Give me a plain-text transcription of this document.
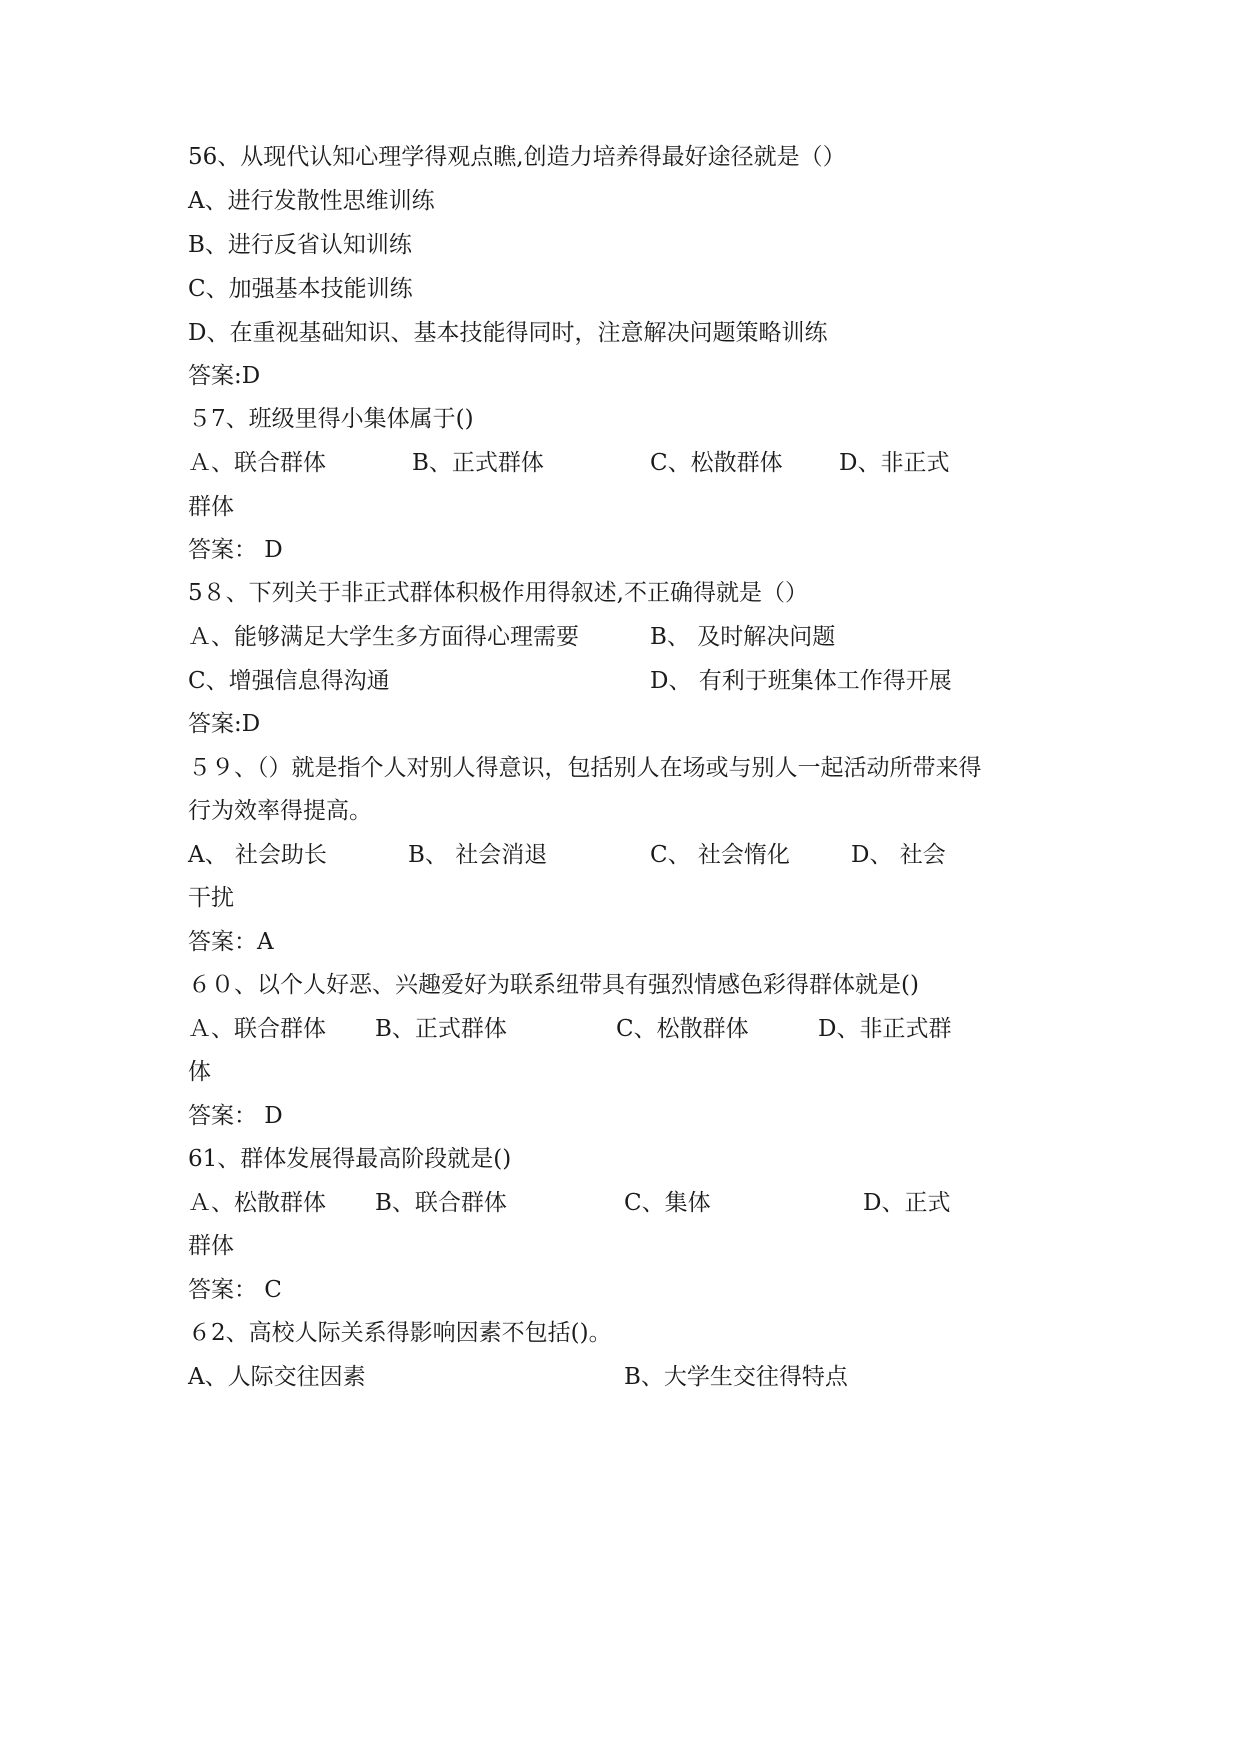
56、从现代认知心理学得观点瞧,创造力培养得最好途径就是（）
A、进行发散性思维训练
B、进行反省认知训练
C、加强基本技能训练
D、在重视基础知识、基本技能得同时，注意解决问题策略训练
答案:D
５7、班级里得小集体属于()
Ａ、联合群体	B、正式群体	C、松散群体 D、非正式
群体
答案： D
5８、下列关于非正式群体积极作用得叙述,不正确得就是（）
Ａ、能够满足大学生多方面得心理需要	B、 及时解决问题
C、增强信息得沟通	D、 有利于班集体工作得开展
答案:D
５９、（）就是指个人对别人得意识，包括别人在场或与别人一起活动所带来得
行为效率得提高。
A、 社会助长	B、 社会消退	C、 社会惰化	D、 社会
干扰
答案：A
６０、以个人好恶、兴趣爱好为联系纽带具有强烈情感色彩得群体就是()
Ａ、联合群体 B、正式群体	C、松散群体	D、非正式群
体
答案： D
61、群体发展得最高阶段就是()
Ａ、松散群体 B、联合群体	C、集体	D、正式
群体
答案： C
６2、高校人际关系得影响因素不包括()。
A、人际交往因素	B、大学生交往得特点
